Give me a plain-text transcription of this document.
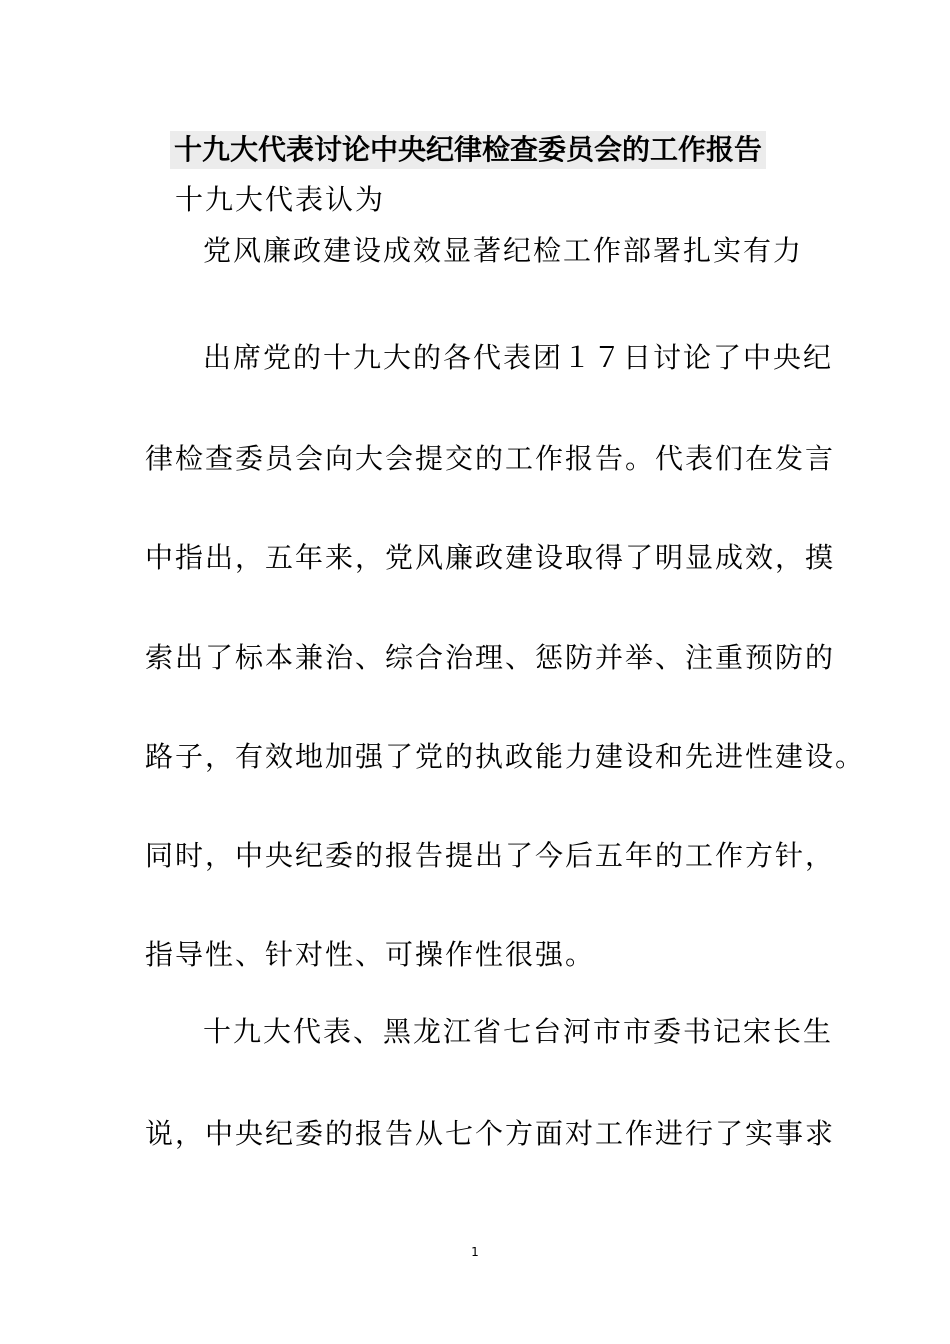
十九大代表讨论中央纪律检查委员会的工作报告
十九大代表认为
党风廉政建设成效显著纪检工作部署扎实有力
出席党的十九大的各代表团１７日讨论了中央纪
律检查委员会向大会提交的工作报告。代表们在发言
中指出，五年来，党风廉政建设取得了明显成效，摸
索出了标本兼治、综合治理、惩防并举、注重预防的
路子，有效地加强了党的执政能力建设和先进性建设。
同时，中央纪委的报告提出了今后五年的工作方针，
指导性、针对性、可操作性很强。
十九大代表、黑龙江省七台河市市委书记宋长生
说，中央纪委的报告从七个方面对工作进行了实事求
1
